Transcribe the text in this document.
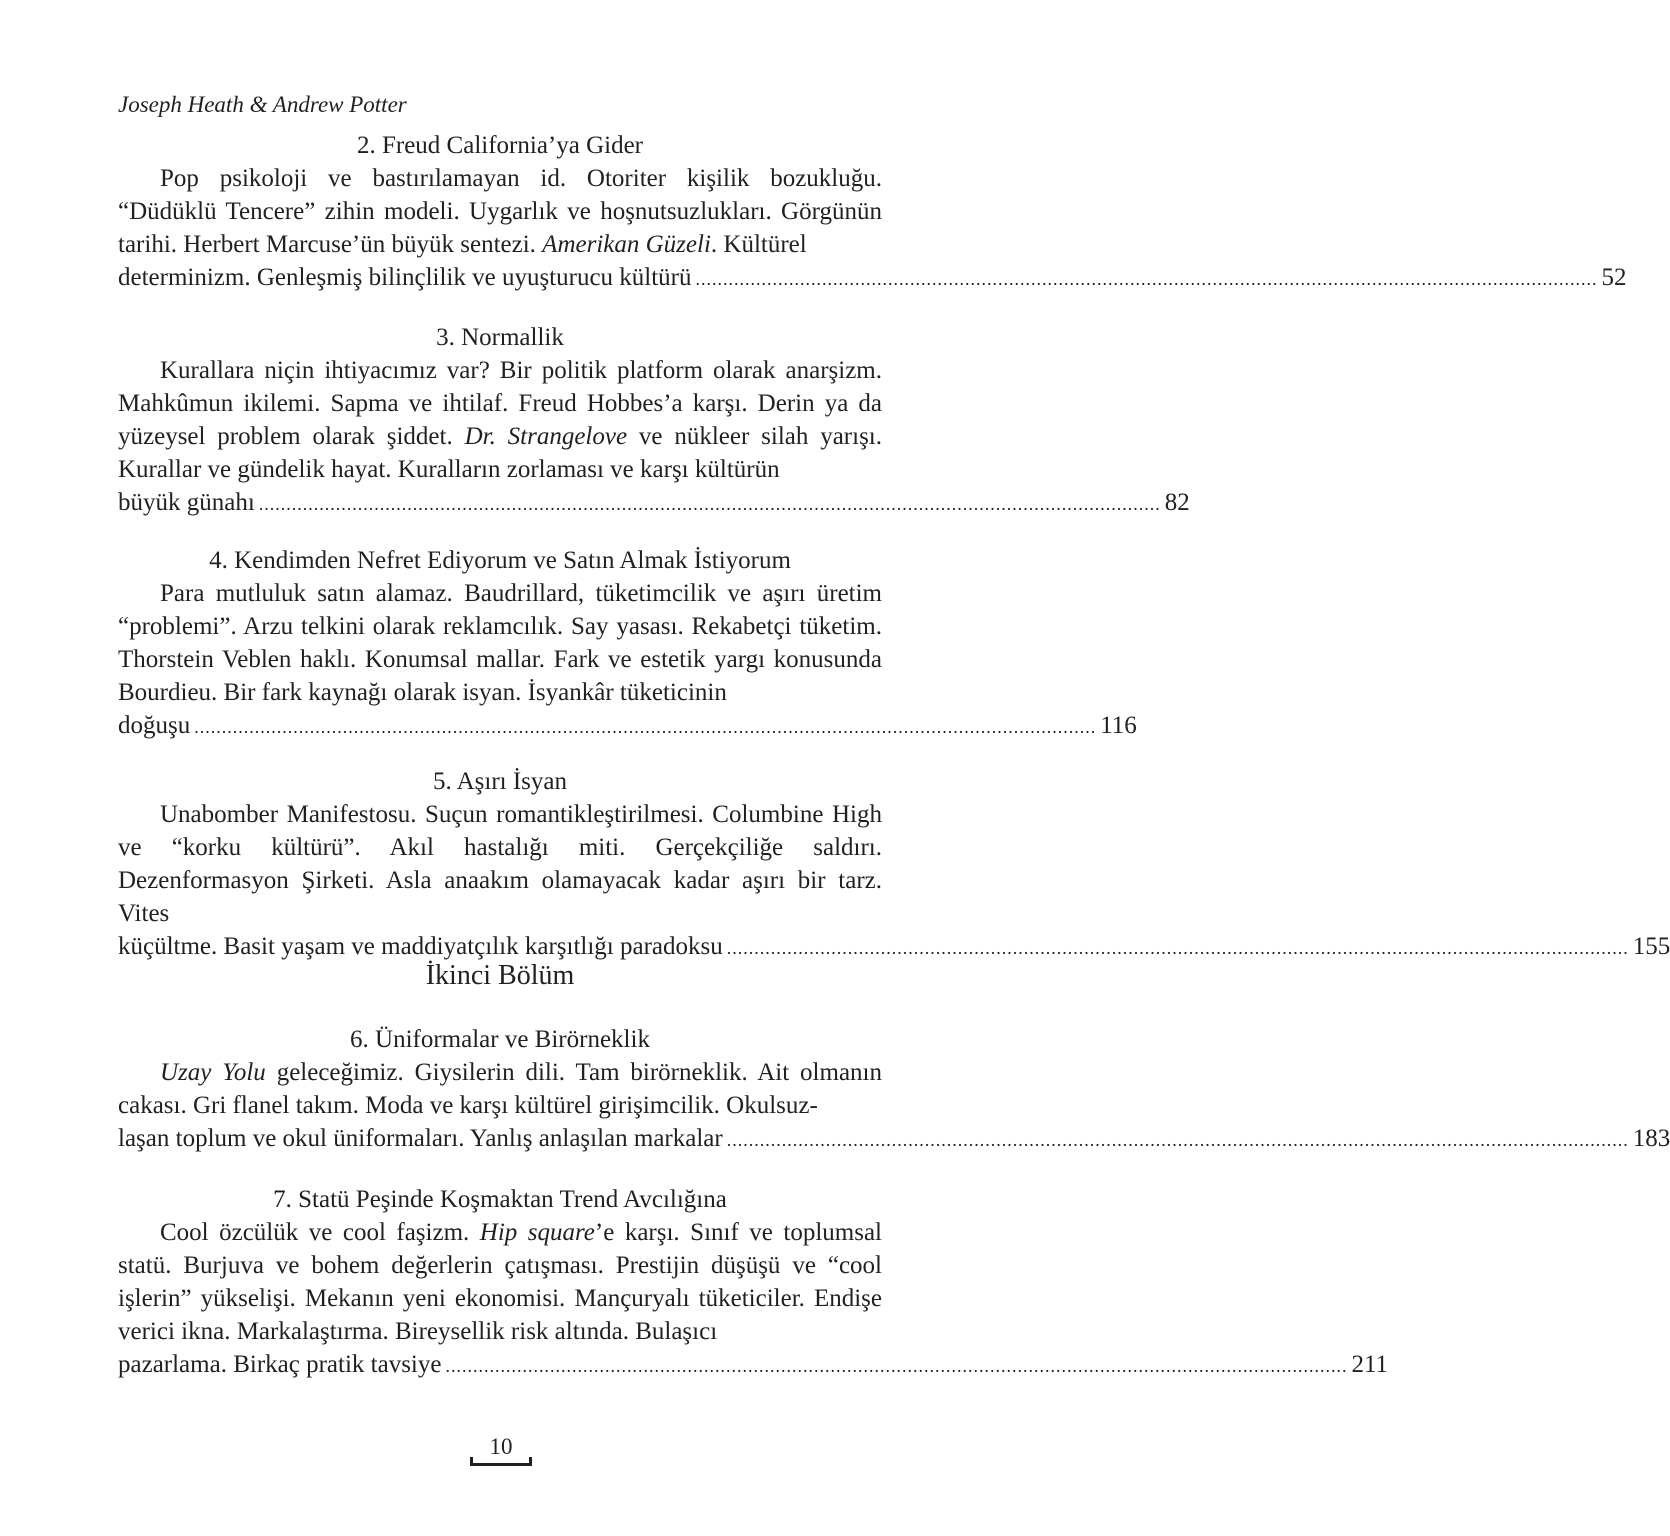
Joseph Heath & Andrew Potter
2. Freud California’ya Gider
Pop psikoloji ve bastırılamayan id. Otoriter kişilik bozukluğu. “Düdüklü Tencere” zihin modeli. Uygarlık ve hoşnutsuzlukları. Görgünün tarihi. Herbert Marcuse’ün büyük sentezi. Amerikan Güzeli. Kültürel
determinizm. Genleşmiş bilinçlilik ve uyuşturucu kültürü .................................................................................................................................................................... 52
3. Normallik
Kurallara niçin ihtiyacımız var? Bir politik platform olarak anarşizm. Mahkûmun ikilemi. Sapma ve ihtilaf. Freud Hobbes’a karşı. Derin ya da yüzeysel problem olarak şiddet. Dr. Strangelove ve nükleer silah yarışı. Kurallar ve gündelik hayat. Kuralların zorlaması ve karşı kültürün
büyük günahı .................................................................................................................................................................... 82
4. Kendimden Nefret Ediyorum ve Satın Almak İstiyorum
Para mutluluk satın alamaz. Baudrillard, tüketimcilik ve aşırı üretim “problemi”. Arzu telkini olarak reklamcılık. Say yasası. Rekabetçi tüketim. Thorstein Veblen haklı. Konumsal mallar. Fark ve estetik yargı konusunda Bourdieu. Bir fark kaynağı olarak isyan. İsyankâr tüketicinin
doğuşu .................................................................................................................................................................... 116
5. Aşırı İsyan
Unabomber Manifestosu. Suçun romantikleştirilmesi. Columbine High ve “korku kültürü”. Akıl hastalığı miti. Gerçekçiliğe saldırı. Dezenformasyon Şirketi. Asla anaakım olamayacak kadar aşırı bir tarz. Vites
küçültme. Basit yaşam ve maddiyatçılık karşıtlığı paradoksu .................................................................................................................................................................... 155
İkinci Bölüm
6. Üniformalar ve Birörneklik
Uzay Yolu geleceğimiz. Giysilerin dili. Tam birörneklik. Ait olmanın cakası. Gri flanel takım. Moda ve karşı kültürel girişimcilik. Okulsuz-
laşan toplum ve okul üniformaları. Yanlış anlaşılan markalar .................................................................................................................................................................... 183
7. Statü Peşinde Koşmaktan Trend Avcılığına
Cool özcülük ve cool faşizm. Hip square’e karşı. Sınıf ve toplumsal statü. Burjuva ve bohem değerlerin çatışması. Prestijin düşüşü ve “cool işlerin” yükselişi. Mekanın yeni ekonomisi. Mançuryalı tüketiciler. Endişe verici ikna. Markalaştırma. Bireysellik risk altında. Bulaşıcı
pazarlama. Birkaç pratik tavsiye .................................................................................................................................................................... 211
10
